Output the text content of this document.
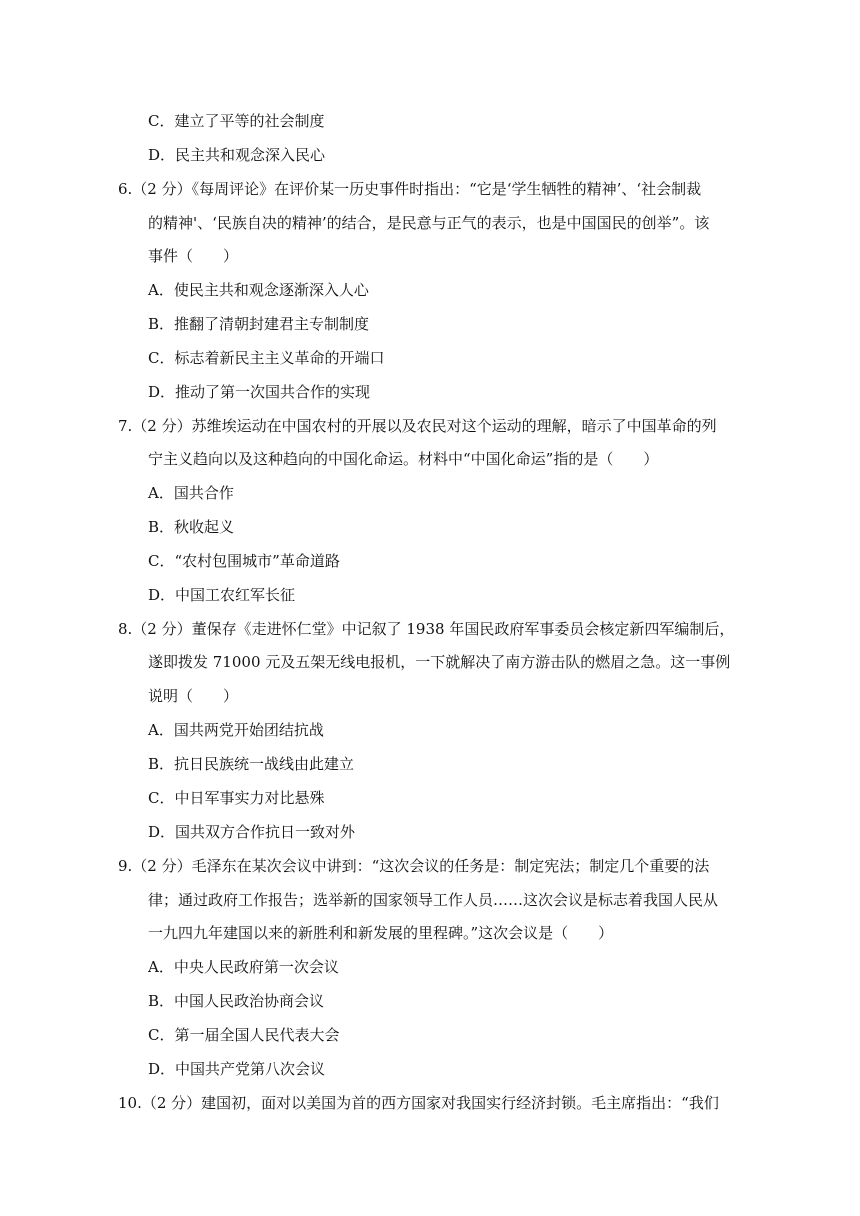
C．建立了平等的社会制度
D．民主共和观念深入民心
6.（2 分）《每周评论》在评价某一历史事件时指出：“它是‘学生牺牲的精神’、‘社会制裁
的精神'、‘民族自决的精神’的结合，是民意与正气的表示，也是中国国民的创举”。该
事件（　　）
A．使民主共和观念逐渐深入人心
B．推翻了清朝封建君主专制制度
C．标志着新民主主义革命的开端口
D．推动了第一次国共合作的实现
7.（2 分）苏维埃运动在中国农村的开展以及农民对这个运动的理解，暗示了中国革命的列
宁主义趋向以及这种趋向的中国化命运。材料中“中国化命运”指的是（　　）
A．国共合作
B．秋收起义
C．“农村包围城市”革命道路
D．中国工农红军长征
8.（2 分）董保存《走进怀仁堂》中记叙了 1938 年国民政府军事委员会核定新四军编制后，
遂即拨发 71000 元及五架无线电报机，一下就解决了南方游击队的燃眉之急。这一事例
说明（　　）
A．国共两党开始团结抗战
B．抗日民族统一战线由此建立
C．中日军事实力对比悬殊
D．国共双方合作抗日一致对外
9.（2 分）毛泽东在某次会议中讲到：“这次会议的任务是：制定宪法；制定几个重要的法
律；通过政府工作报告；选举新的国家领导工作人员……这次会议是标志着我国人民从
一九四九年建国以来的新胜利和新发展的里程碑。”这次会议是（　　）
A．中央人民政府第一次会议
B．中国人民政治协商会议
C．第一届全国人民代表大会
D．中国共产党第八次会议
10.（2 分）建国初，面对以美国为首的西方国家对我国实行经济封锁。毛主席指出：“我们
